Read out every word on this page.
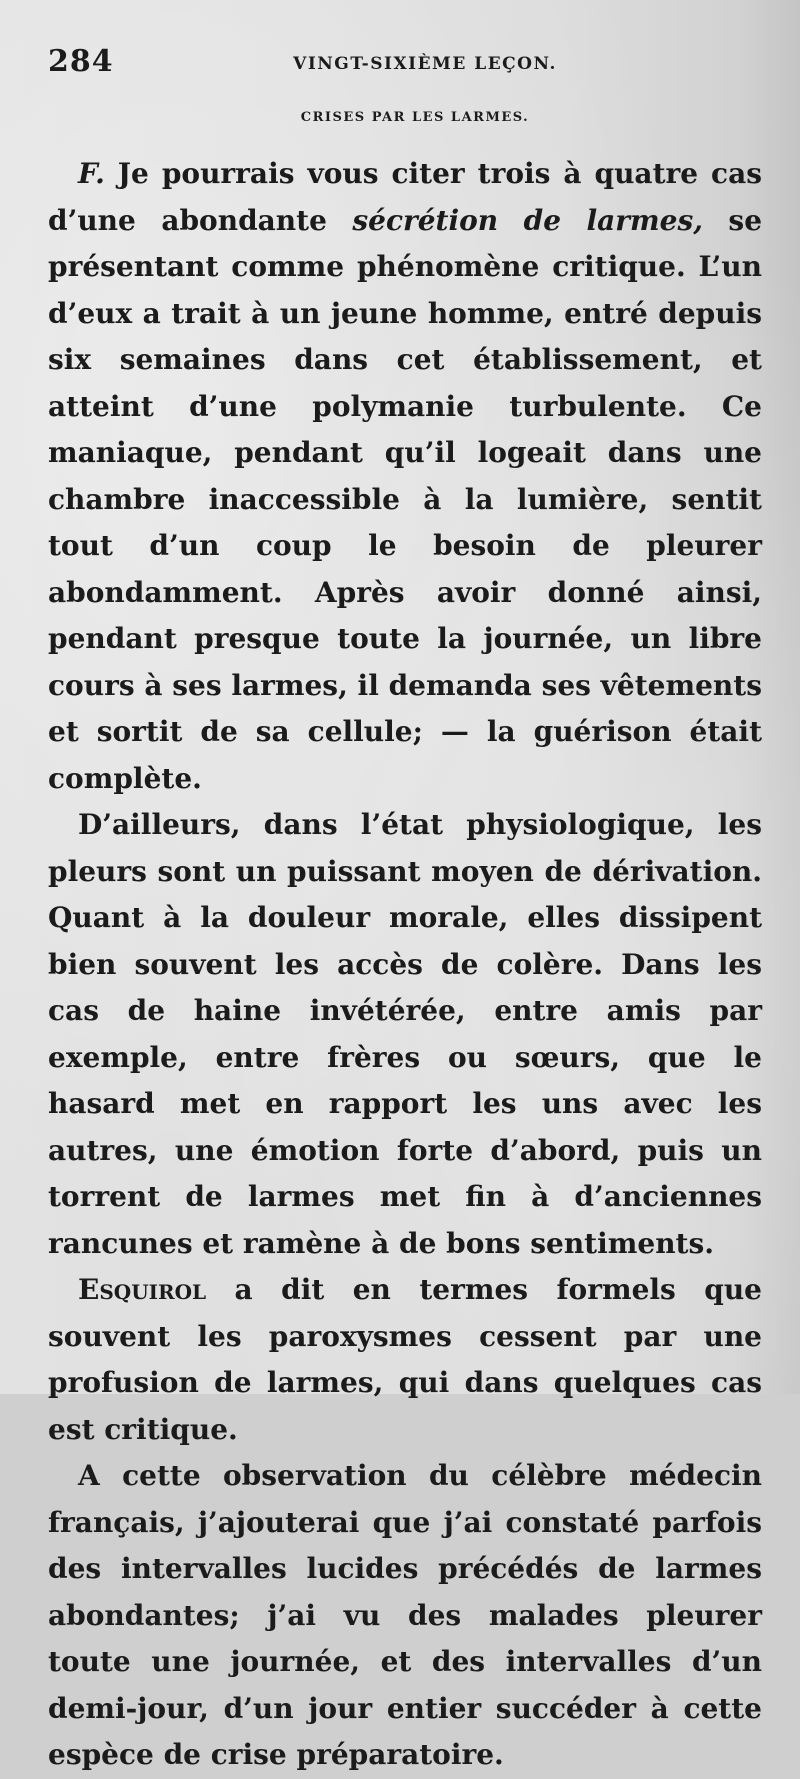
284	VINGT-SIXIÈME LEÇON.
CRISES PAR LES LARMES.

F. Je pourrais vous citer trois à quatre cas d’une abondante sécrétion de larmes, se présentant comme phénomène critique. L’un d’eux a trait à un jeune homme, entré depuis six semaines dans cet établissement, et atteint d’une polymanie turbulente. Ce maniaque, pendant qu’il logeait dans une chambre inaccessible à la lumière, sentit tout d’un coup le besoin de pleurer abondamment. Après avoir donné ainsi, pendant presque toute la journée, un libre cours à ses larmes, il demanda ses vêtements et sortit de sa cellule; — la guérison était complète.

D’ailleurs, dans l’état physiologique, les pleurs sont un puissant moyen de dérivation. Quant à la douleur morale, elles dissipent bien souvent les accès de colère. Dans les cas de haine invétérée, entre amis par exemple, entre frères ou sœurs, que le hasard met en rapport les uns avec les autres, une émotion forte d’abord, puis un torrent de larmes met fin à d’anciennes rancunes et ramène à de bons sentiments.

Esquirol a dit en termes formels que souvent les paroxysmes cessent par une profusion de larmes, qui dans quelques cas est critique.

A cette observation du célèbre médecin français, j’ajouterai que j’ai constaté parfois des intervalles lucides précédés de larmes abondantes; j’ai vu des malades pleurer toute une journée, et des intervalles d’un demi-jour, d’un jour entier succéder à cette espèce de crise préparatoire.
